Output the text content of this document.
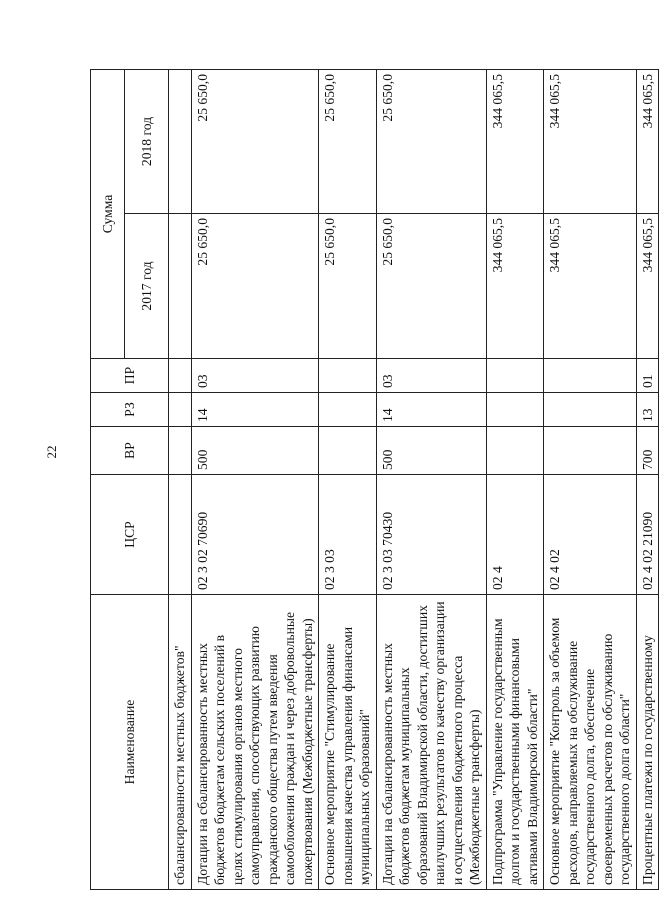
22
Наименование	ЦСР	ВР	РЗ	ПР	Сумма	
					2017 год	2018 год
сбалансированности местных бюджетов"						
Дотации на сбалансированность местных бюджетов бюджетам сельских поселений в целях стимулирования органов местного самоуправления, способствующих развитию гражданского общества путем введения самообложения граждан и через добровольные пожертвования (Межбюджетные трансферты)	02 3 02 70690	500	14	03	25 650,0	25 650,0
Основное мероприятие "Стимулирование повышения качества управления финансами муниципальных образований"	02 3 03				25 650,0	25 650,0
Дотации на сбалансированность местных бюджетов бюджетам муниципальных образований Владимирской области, достигших наилучших результатов по качеству организации и осуществления бюджетного процесса (Межбюджетные трансферты)	02 3 03 70430	500	14	03	25 650,0	25 650,0
Подпрограмма "Управление государственным долгом и государственными финансовыми активами Владимирской области"	02 4				344 065,5	344 065,5
Основное мероприятие "Контроль за объемом расходов, направляемых на обслуживание государственного долга, обеспечение своевременных расчетов по обслуживанию государственного долга области"	02 4 02				344 065,5	344 065,5
Процентные платежи по государственному	02 4 02 21090	700	13	01	344 065,5	344 065,5
